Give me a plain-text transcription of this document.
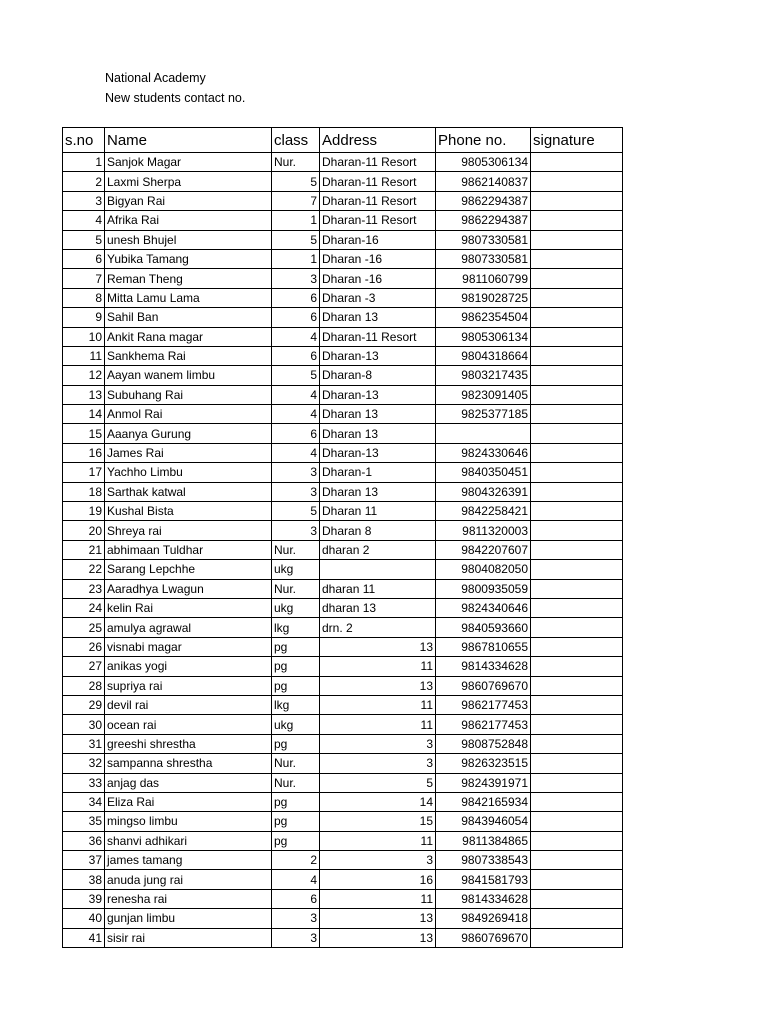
National Academy
New students contact no.
s.no	Name	class	Address	Phone no.	signature
1	Sanjok Magar	Nur.	Dharan-11 Resort	9805306134	
2	Laxmi Sherpa	5	Dharan-11 Resort	9862140837	
3	Bigyan Rai	7	Dharan-11 Resort	9862294387	
4	Afrika Rai	1	Dharan-11 Resort	9862294387	
5	unesh Bhujel	5	Dharan-16	9807330581	
6	Yubika Tamang	1	Dharan -16	9807330581	
7	Reman Theng	3	Dharan -16	9811060799	
8	Mitta Lamu Lama	6	Dharan -3	9819028725	
9	Sahil Ban	6	Dharan 13	9862354504	
10	Ankit Rana magar	4	Dharan-11 Resort	9805306134	
11	Sankhema Rai	6	Dharan-13	9804318664	
12	Aayan wanem limbu	5	Dharan-8	9803217435	
13	Subuhang Rai	4	Dharan-13	9823091405	
14	Anmol Rai	4	Dharan 13	9825377185	
15	Aaanya Gurung	6	Dharan 13		
16	James Rai	4	Dharan-13	9824330646	
17	Yachho Limbu	3	Dharan-1	9840350451	
18	Sarthak katwal	3	Dharan 13	9804326391	
19	Kushal Bista	5	Dharan 11	9842258421	
20	Shreya rai	3	Dharan 8	9811320003	
21	abhimaan Tuldhar	Nur.	dharan 2	9842207607	
22	Sarang Lepchhe	ukg		9804082050	
23	Aaradhya Lwagun	Nur.	dharan 11	9800935059	
24	kelin Rai	ukg	dharan 13	9824340646	
25	amulya agrawal	lkg	drn. 2	9840593660	
26	visnabi magar	pg	13	9867810655	
27	anikas yogi	pg	11	9814334628	
28	supriya rai	pg	13	9860769670	
29	devil rai	lkg	11	9862177453	
30	ocean rai	ukg	11	9862177453	
31	greeshi shrestha	pg	3	9808752848	
32	sampanna shrestha	Nur.	3	9826323515	
33	anjag das	Nur.	5	9824391971	
34	Eliza Rai	pg	14	9842165934	
35	mingso limbu	pg	15	9843946054	
36	shanvi adhikari	pg	11	9811384865	
37	james tamang	2	3	9807338543	
38	anuda jung rai	4	16	9841581793	
39	renesha rai	6	11	9814334628	
40	gunjan limbu	3	13	9849269418	
41	sisir rai	3	13	9860769670	
